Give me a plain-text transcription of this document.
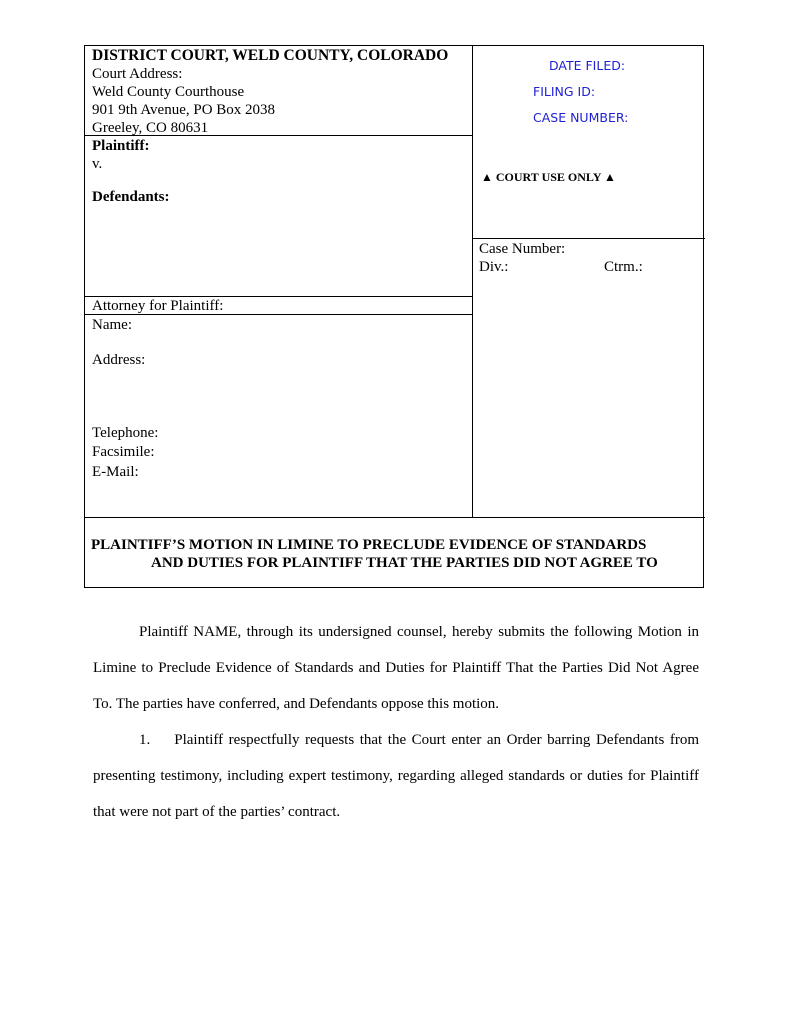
DISTRICT COURT, WELD COUNTY, COLORADO
Court Address:
Weld County Courthouse
901 9th Avenue, PO Box 2038
Greeley, CO 80631
Plaintiff:
v.
Defendants:
Attorney for Plaintiff:
Name:
Address:
Telephone:
Facsimile:
E-Mail:
DATE FILED:
FILING ID:
CASE NUMBER:
▲ COURT USE ONLY ▲
Case Number:
Div.:	Ctrm.:
PLAINTIFF’S MOTION IN LIMINE TO PRECLUDE EVIDENCE OF STANDARDS
AND DUTIES FOR PLAINTIFF THAT THE PARTIES DID NOT AGREE TO
Plaintiff NAME, through its undersigned counsel, hereby submits the following Motion in Limine to Preclude Evidence of Standards and Duties for Plaintiff That the Parties Did Not Agree To. The parties have conferred, and Defendants oppose this motion.
1. Plaintiff respectfully requests that the Court enter an Order barring Defendants from presenting testimony, including expert testimony, regarding alleged standards or duties for Plaintiff that were not part of the parties’ contract.
